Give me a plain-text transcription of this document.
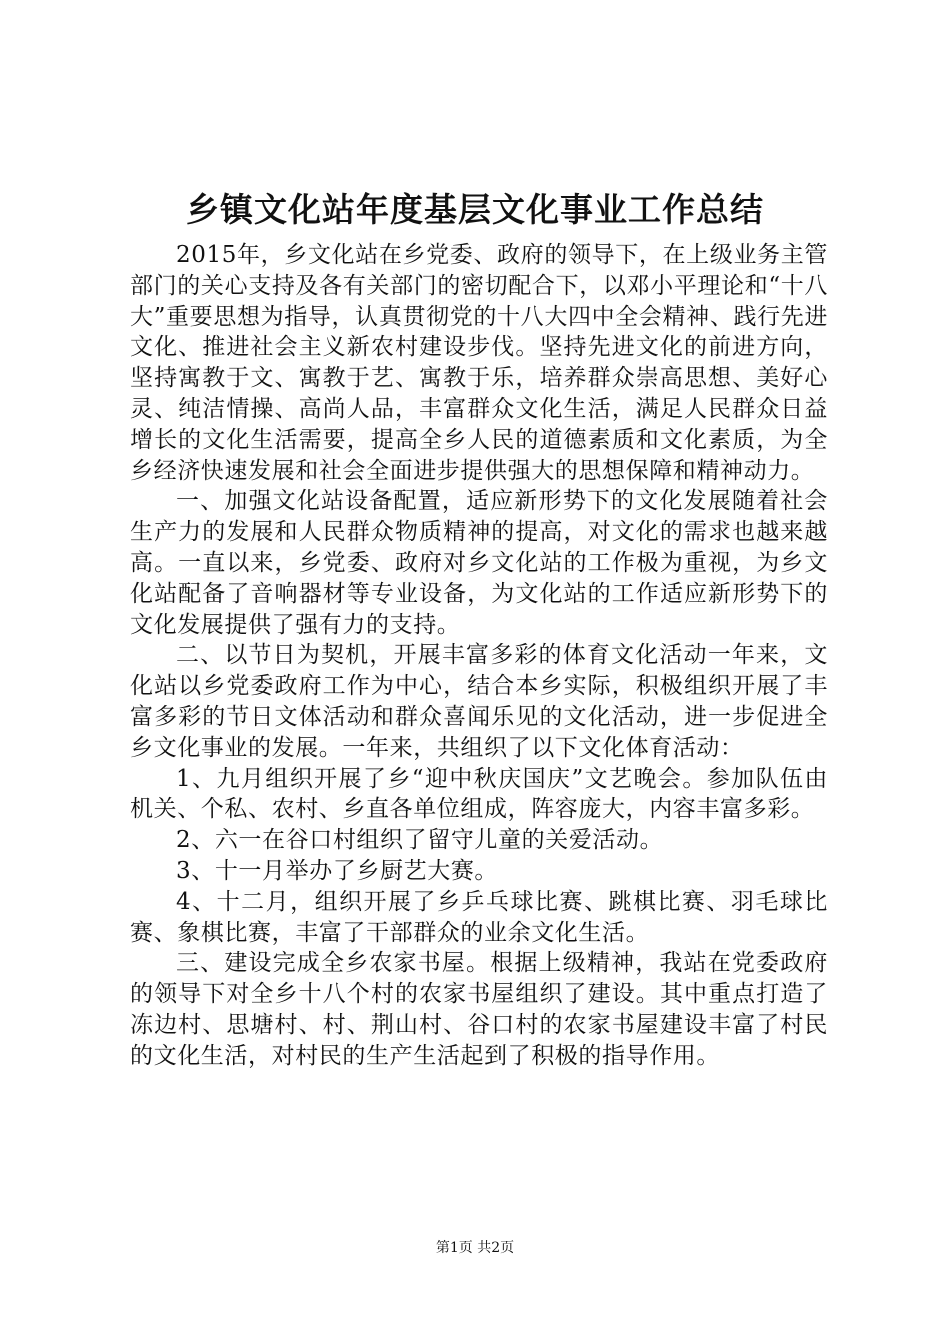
乡镇文化站年度基层文化事业工作总结

2015年，乡文化站在乡党委、政府的领导下，在上级业务主管部门的关心支持及各有关部门的密切配合下，以邓小平理论和“十八大”重要思想为指导，认真贯彻党的十八大四中全会精神、践行先进文化、推进社会主义新农村建设步伐。坚持先进文化的前进方向，坚持寓教于文、寓教于艺、寓教于乐，培养群众崇高思想、美好心灵、纯洁情操、高尚人品，丰富群众文化生活，满足人民群众日益增长的文化生活需要，提高全乡人民的道德素质和文化素质，为全乡经济快速发展和社会全面进步提供强大的思想保障和精神动力。

一、加强文化站设备配置，适应新形势下的文化发展随着社会生产力的发展和人民群众物质精神的提高，对文化的需求也越来越高。一直以来，乡党委、政府对乡文化站的工作极为重视，为乡文化站配备了音响器材等专业设备，为文化站的工作适应新形势下的文化发展提供了强有力的支持。

二、以节日为契机，开展丰富多彩的体育文化活动一年来，文化站以乡党委政府工作为中心，结合本乡实际，积极组织开展了丰富多彩的节日文体活动和群众喜闻乐见的文化活动，进一步促进全乡文化事业的发展。一年来，共组织了以下文化体育活动：

1、九月组织开展了乡“迎中秋庆国庆”文艺晚会。参加队伍由机关、个私、农村、乡直各单位组成，阵容庞大，内容丰富多彩。

2、六一在谷口村组织了留守儿童的关爱活动。

3、十一月举办了乡厨艺大赛。

4、十二月，组织开展了乡乒乓球比赛、跳棋比赛、羽毛球比赛、象棋比赛，丰富了干部群众的业余文化生活。

三、建设完成全乡农家书屋。根据上级精神，我站在党委政府的领导下对全乡十八个村的农家书屋组织了建设。其中重点打造了冻边村、思塘村、村、荆山村、谷口村的农家书屋建设丰富了村民的文化生活，对村民的生产生活起到了积极的指导作用。

第1页 共2页
